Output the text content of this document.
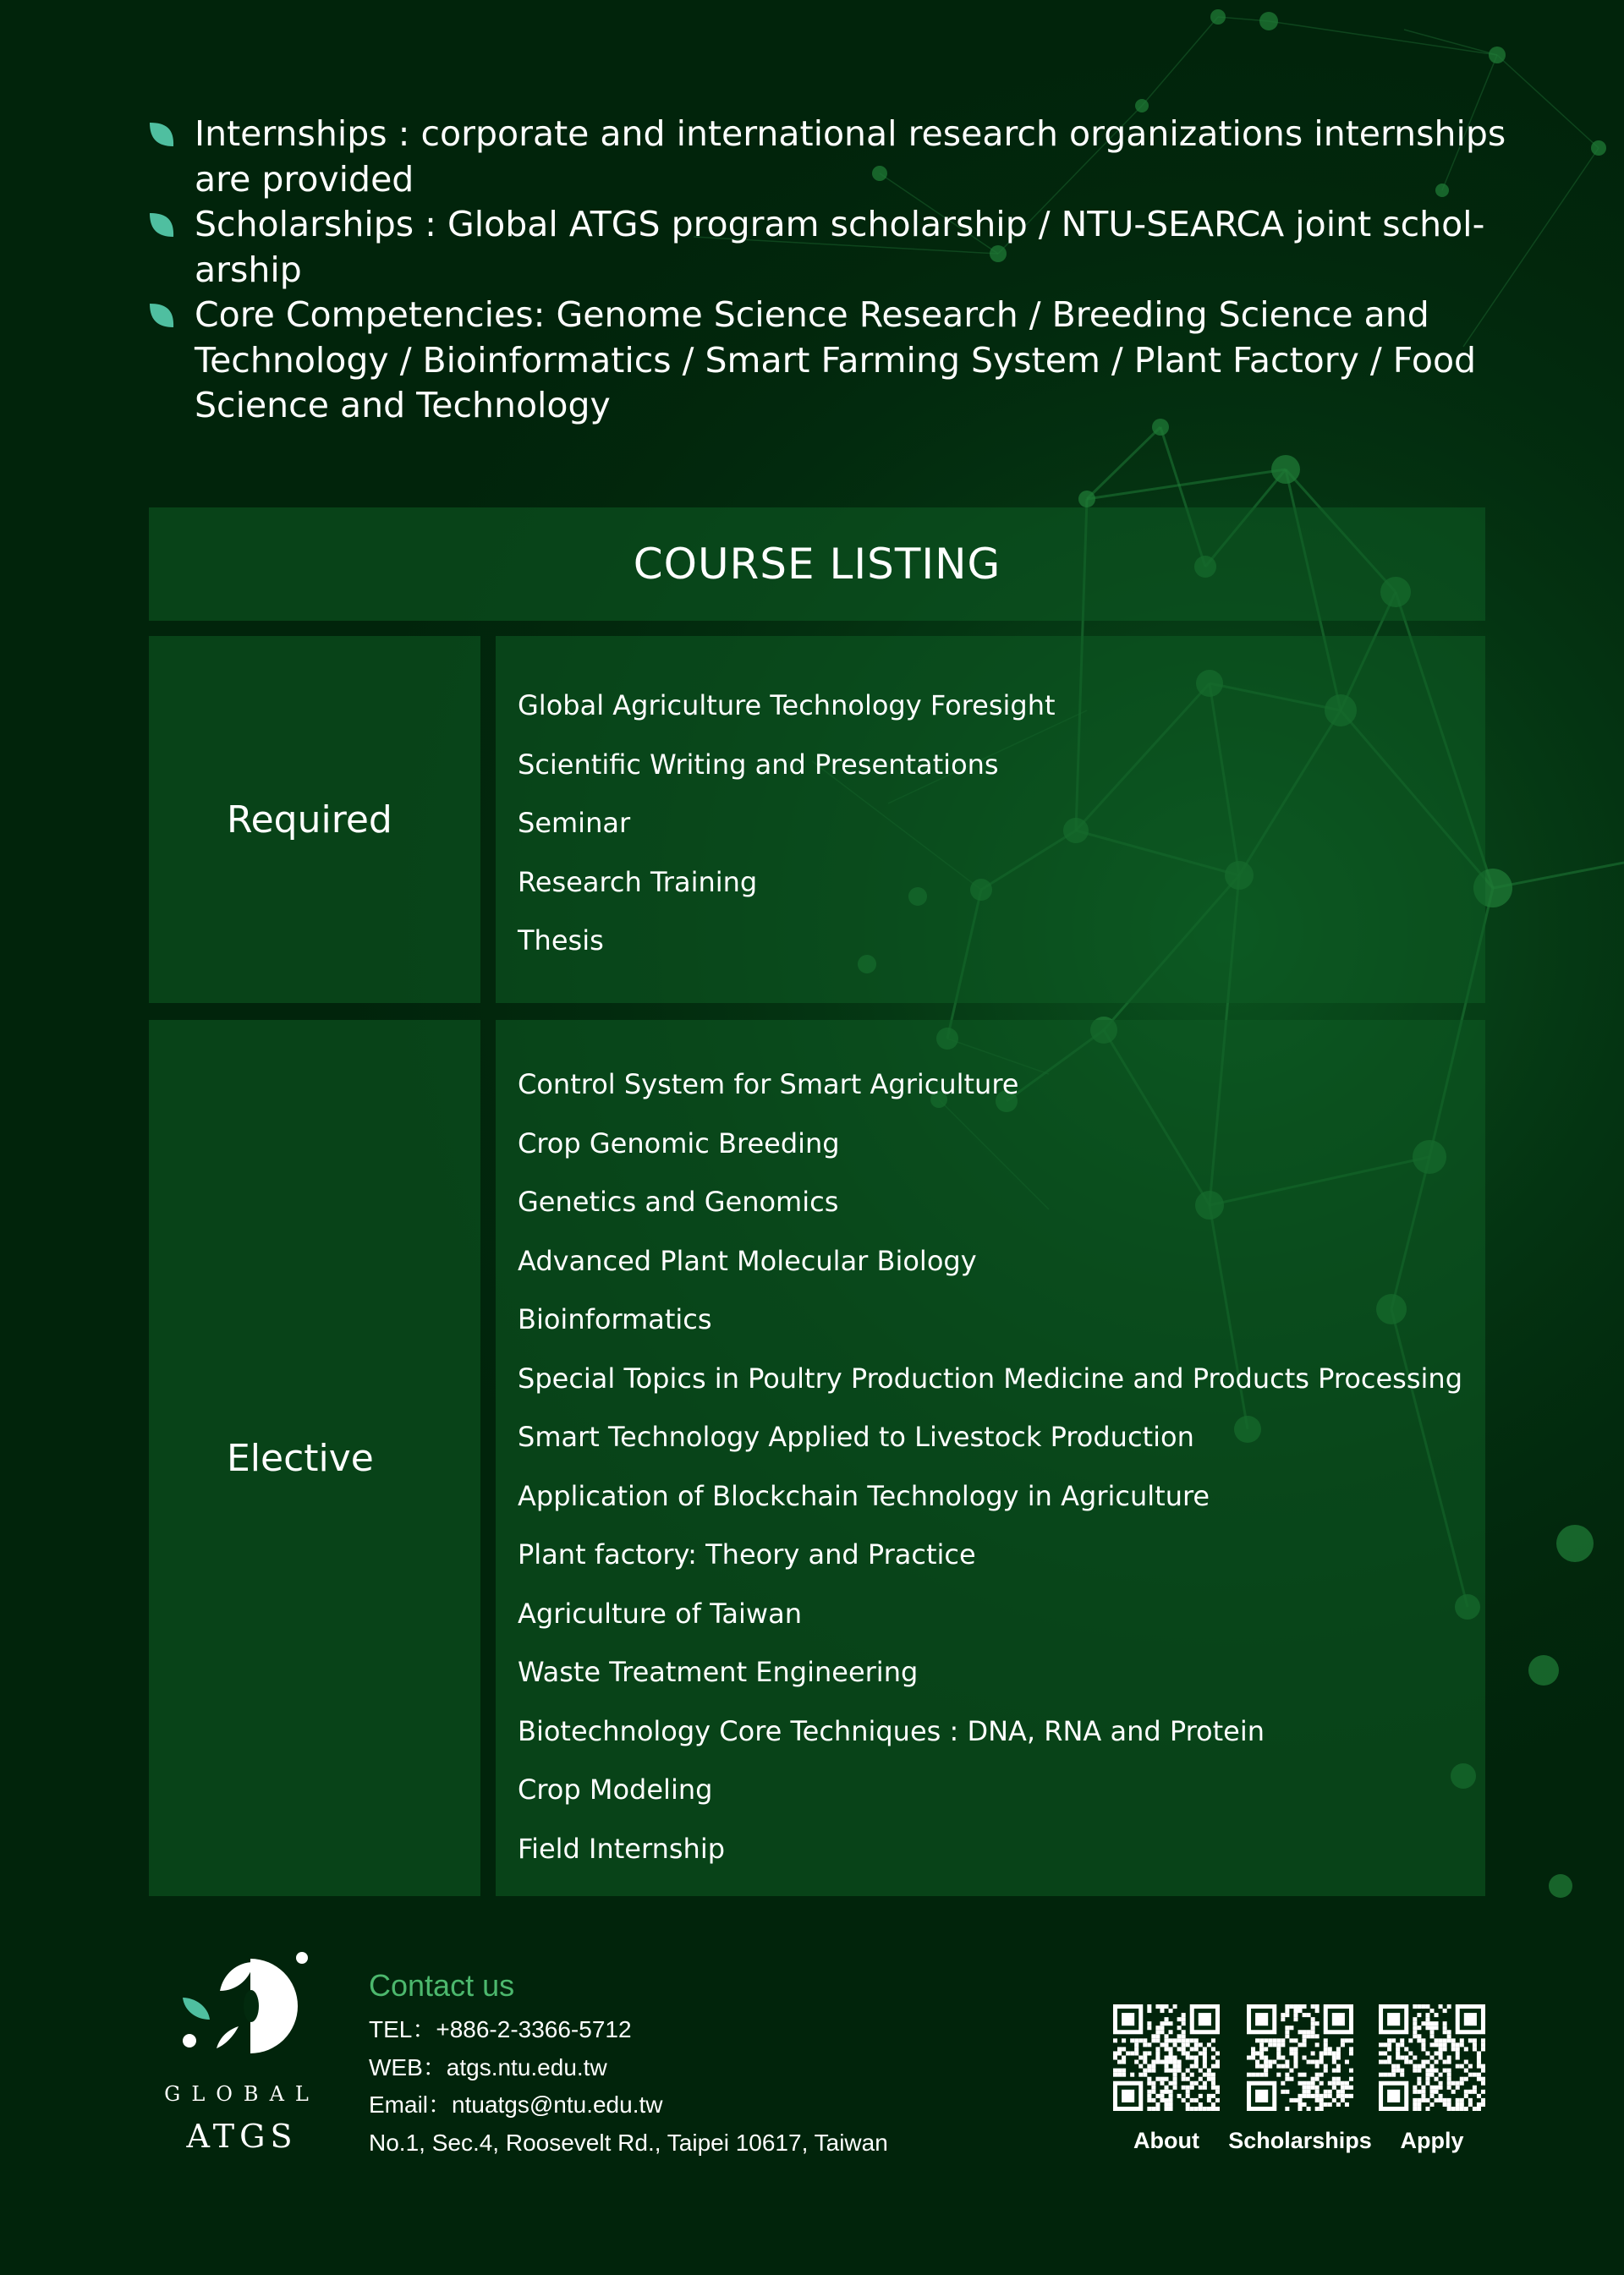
Internships : corporate and international research organizations internships are provided
Scholarships : Global ATGS program scholarship / NTU-SEARCA joint schol-arship
Core Competencies: Genome Science Research / Breeding Science and Technology / Bioinformatics / Smart Farming System / Plant Factory / Food Science and Technology
COURSE LISTING
Required
Global Agriculture Technology Foresight
Scientific Writing and Presentations
Seminar
Research Training
Thesis
Elective
Control System for Smart Agriculture
Crop Genomic Breeding
Genetics and Genomics
Advanced Plant Molecular Biology
Bioinformatics
Special Topics in Poultry Production Medicine and Products Processing
Smart Technology Applied to Livestock Production
Application of Blockchain Technology in Agriculture
Plant factory: Theory and Practice
Agriculture of Taiwan
Waste Treatment Engineering
Biotechnology Core Techniques : DNA, RNA and Protein
Crop Modeling
Field Internship
GLOBAL
ATGS
Contact us
TEL：+886-2-3366-5712
WEB：atgs.ntu.edu.tw
Email：ntuatgs@ntu.edu.tw
No.1, Sec.4, Roosevelt Rd., Taipei 10617, Taiwan	About	Scholarships	Apply
